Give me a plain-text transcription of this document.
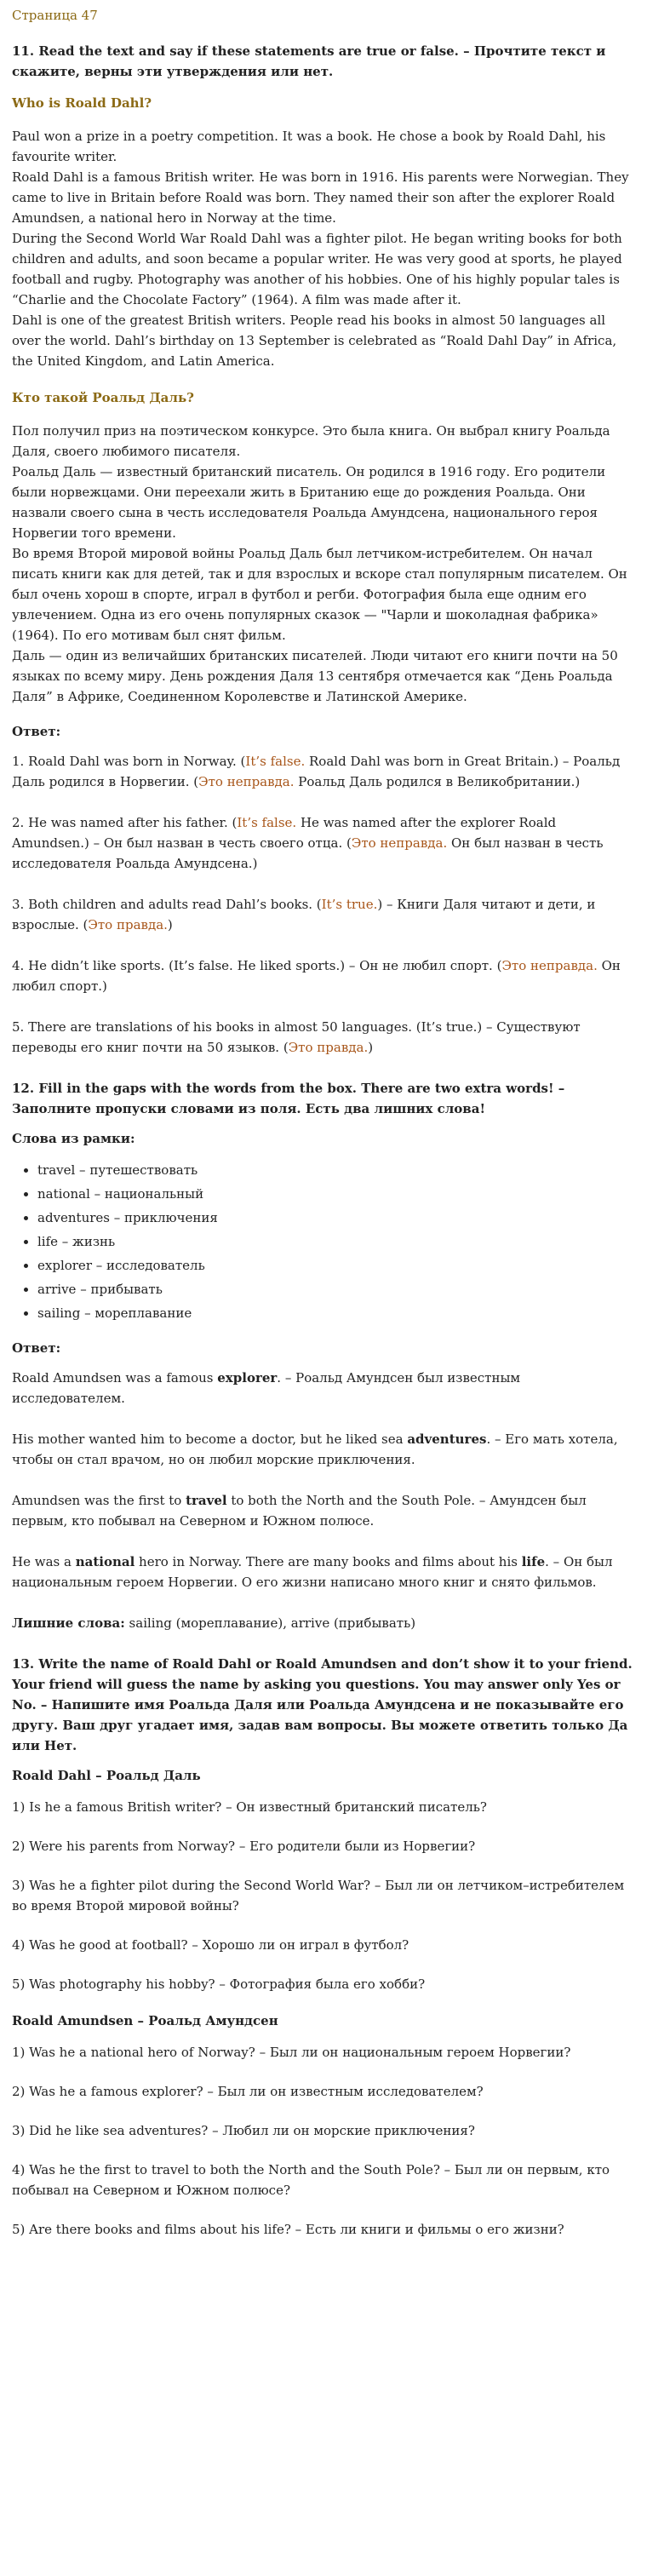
Страница 47
11. Read the text and say if these statements are true or false. – Прочтите текст и скажите, верны эти утверждения или нет.
Who is Roald Dahl?

Paul won a prize in a poetry competition. It was a book. He chose a book by Roald Dahl, his favourite writer.

Roald Dahl is a famous British writer. He was born in 1916. His parents were Norwegian. They came to live in Britain before Roald was born. They named their son after the explorer Roald Amundsen, a national hero in Norway at the time.

During the Second World War Roald Dahl was a fighter pilot. He began writing books for both children and adults, and soon became a popular writer. He was very good at sports, he played football and rugby. Photography was another of his hobbies. One of his highly popular tales is “Charlie and the Chocolate Factory” (1964). A film was made after it.

Dahl is one of the greatest British writers. People read his books in almost 50 languages all over the world. Dahl’s birthday on 13 September is celebrated as “Roald Dahl Day” in Africa, the United Kingdom, and Latin America.

Кто такой Роальд Даль?

Пол получил приз на поэтическом конкурсе. Это была книга. Он выбрал книгу Роальда Даля, своего любимого писателя.

Роальд Даль — известный британский писатель. Он родился в 1916 году. Его родители были норвежцами. Они переехали жить в Британию еще до рождения Роальда. Они назвали своего сына в честь исследователя Роальда Амундсена, национального героя Норвегии того времени.

Во время Второй мировой войны Роальд Даль был летчиком-истребителем. Он начал писать книги как для детей, так и для взрослых и вскоре стал популярным писателем. Он был очень хорош в спорте, играл в футбол и регби. Фотография была еще одним его увлечением. Одна из его очень популярных сказок — "Чарли и шоколадная фабрика» (1964). По его мотивам был снят фильм.

Даль — один из величайших британских писателей. Люди читают его книги почти на 50 языках по всему миру. День рождения Даля 13 сентября отмечается как “День Роальда Даля” в Африке, Соединенном Королевстве и Латинской Америке.

Ответ:

1. Roald Dahl was born in Norway. (It’s false. Roald Dahl was born in Great Britain.) – Роальд Даль родился в Норвегии. (Это неправда. Роальд Даль родился в Великобритании.)

2. He was named after his father. (It’s false. He was named after the explorer Roald Amundsen.) – Он был назван в честь своего отца. (Это неправда. Он был назван в честь исследователя Роальда Амундсена.)

3. Both children and adults read Dahl’s books. (It’s true.) – Книги Даля читают и дети, и взрослые. (Это правда.)

4. He didn’t like sports. (It’s false. He liked sports.) – Он не любил спорт. (Это неправда. Он любил спорт.)

5. There are translations of his books in almost 50 languages. (It’s true.) – Существуют переводы его книг почти на 50 языков. (Это правда.)

12. Fill in the gaps with the words from the box. There are two extra words! – Заполните пропуски словами из поля. Есть два лишних слова!
Слова из рамки:
• travel – путешествовать
• national – национальный
• adventures – приключения
• life – жизнь
• explorer – исследователь
• arrive – прибывать
• sailing – мореплавание
Ответ:

Roald Amundsen was a famous explorer. – Роальд Амундсен был известным исследователем.

His mother wanted him to become a doctor, but he liked sea adventures. – Его мать хотела, чтобы он стал врачом, но он любил морские приключения.

Amundsen was the first to travel to both the North and the South Pole. – Амундсен был первым, кто побывал на Северном и Южном полюсе.

He was a national hero in Norway. There are many books and films about his life. – Он был национальным героем Норвегии. О его жизни написано много книг и снято фильмов.

Лишние слова: sailing (мореплавание), arrive (прибывать)

13. Write the name of Roald Dahl or Roald Amundsen and don’t show it to your friend. Your friend will guess the name by asking you questions. You may answer only Yes or No. – Напишите имя Роальда Даля или Роальда Амундсена и не показывайте его другу. Ваш друг угадает имя, задав вам вопросы. Вы можете ответить только Да или Нет.
Roald Dahl – Роальд Даль

1) Is he a famous British writer? – Он известный британский писатель?

2) Were his parents from Norway? – Его родители были из Норвегии?

3) Was he a fighter pilot during the Second World War? – Был ли он летчиком–истребителем во время Второй мировой войны?

4) Was he good at football? – Хорошо ли он играл в футбол?

5) Was photography his hobby? – Фотография была его хобби?

Roald Amundsen – Роальд Амундсен

1) Was he a national hero of Norway? – Был ли он национальным героем Норвегии?

2) Was he a famous explorer? – Был ли он известным исследователем?

3) Did he like sea adventures? – Любил ли он морские приключения?

4) Was he the first to travel to both the North and the South Pole? – Был ли он первым, кто побывал на Северном и Южном полюсе?

5) Are there books and films about his life? – Есть ли книги и фильмы о его жизни?
